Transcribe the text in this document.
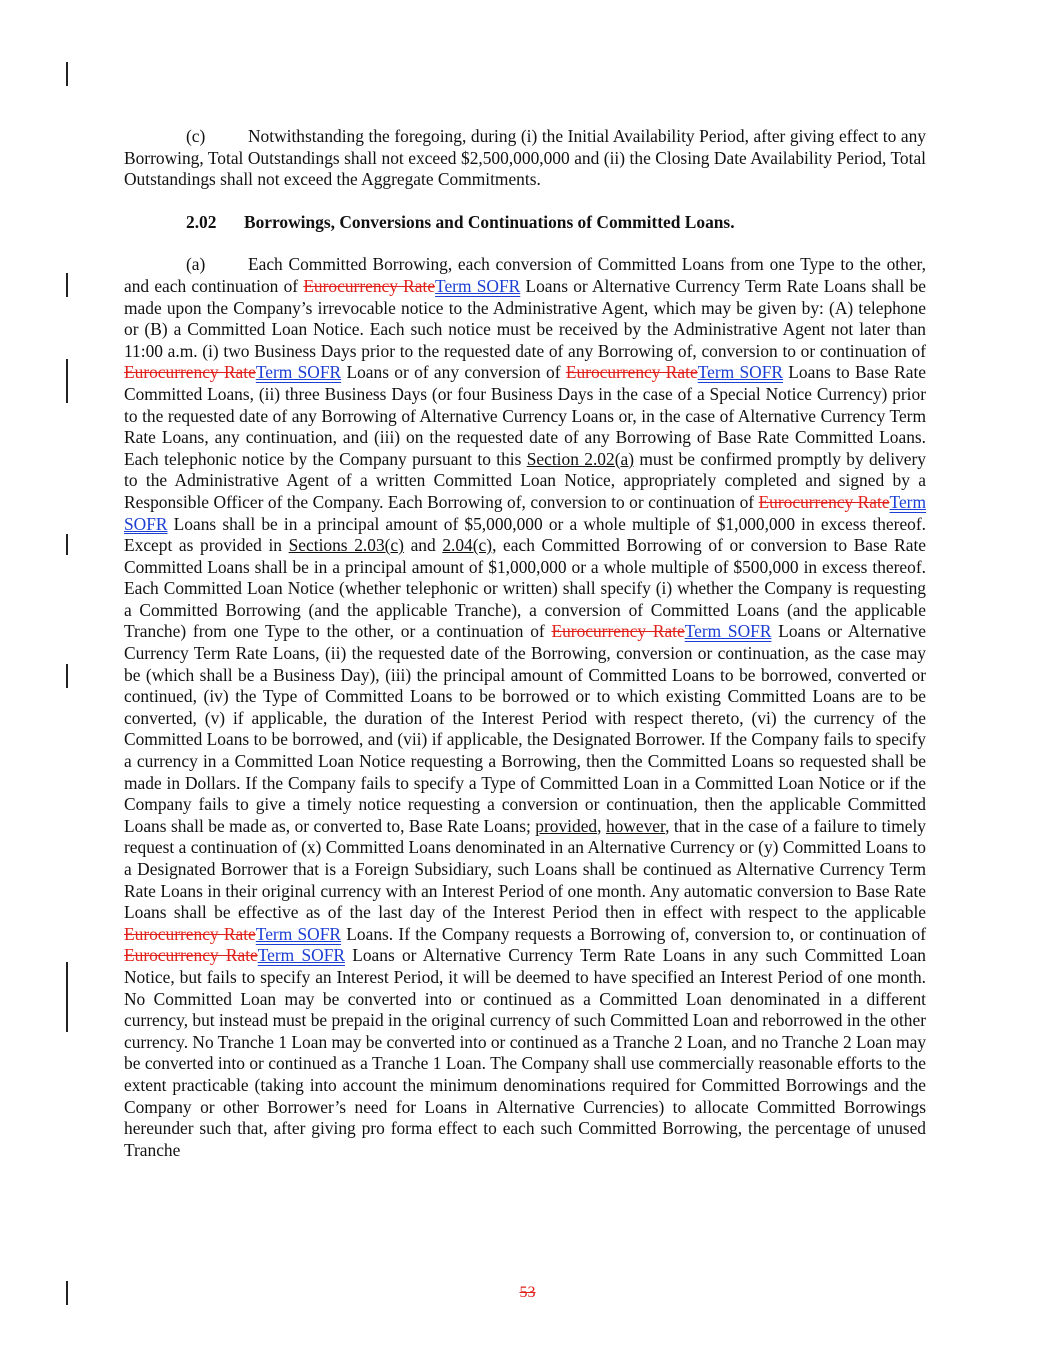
(c) Notwithstanding the foregoing, during (i) the Initial Availability Period, after giving effect to any Borrowing, Total Outstandings shall not exceed $2,500,000,000 and (ii) the Closing Date Availability Period, Total Outstandings shall not exceed the Aggregate Commitments.

2.02 Borrowings, Conversions and Continuations of Committed Loans.

(a) Each Committed Borrowing, each conversion of Committed Loans from one Type to the other, and each continuation of Eurocurrency RateTerm SOFR Loans or Alternative Currency Term Rate Loans shall be made upon the Company’s irrevocable notice to the Administrative Agent, which may be given by: (A) telephone or (B) a Committed Loan Notice. Each such notice must be received by the Administrative Agent not later than 11:00 a.m. (i) two Business Days prior to the requested date of any Borrowing of, conversion to or continuation of Eurocurrency RateTerm SOFR Loans or of any conversion of Eurocurrency RateTerm SOFR Loans to Base Rate Committed Loans, (ii) three Business Days (or four Business Days in the case of a Special Notice Currency) prior to the requested date of any Borrowing of Alternative Currency Loans or, in the case of Alternative Currency Term Rate Loans, any continuation, and (iii) on the requested date of any Borrowing of Base Rate Committed Loans. Each telephonic notice by the Company pursuant to this Section 2.02(a) must be confirmed promptly by delivery to the Administrative Agent of a written Committed Loan Notice, appropriately completed and signed by a Responsible Officer of the Company. Each Borrowing of, conversion to or continuation of Eurocurrency RateTerm SOFR Loans shall be in a principal amount of $5,000,000 or a whole multiple of $1,000,000 in excess thereof. Except as provided in Sections 2.03(c) and 2.04(c), each Committed Borrowing of or conversion to Base Rate Committed Loans shall be in a principal amount of $1,000,000 or a whole multiple of $500,000 in excess thereof. Each Committed Loan Notice (whether telephonic or written) shall specify (i) whether the Company is requesting a Committed Borrowing (and the applicable Tranche), a conversion of Committed Loans (and the applicable Tranche) from one Type to the other, or a continuation of Eurocurrency RateTerm SOFR Loans or Alternative Currency Term Rate Loans, (ii) the requested date of the Borrowing, conversion or continuation, as the case may be (which shall be a Business Day), (iii) the principal amount of Committed Loans to be borrowed, converted or continued, (iv) the Type of Committed Loans to be borrowed or to which existing Committed Loans are to be converted, (v) if applicable, the duration of the Interest Period with respect thereto, (vi) the currency of the Committed Loans to be borrowed, and (vii) if applicable, the Designated Borrower. If the Company fails to specify a currency in a Committed Loan Notice requesting a Borrowing, then the Committed Loans so requested shall be made in Dollars. If the Company fails to specify a Type of Committed Loan in a Committed Loan Notice or if the Company fails to give a timely notice requesting a conversion or continuation, then the applicable Committed Loans shall be made as, or converted to, Base Rate Loans; provided, however, that in the case of a failure to timely request a continuation of (x) Committed Loans denominated in an Alternative Currency or (y) Committed Loans to a Designated Borrower that is a Foreign Subsidiary, such Loans shall be continued as Alternative Currency Term Rate Loans in their original currency with an Interest Period of one month. Any automatic conversion to Base Rate Loans shall be effective as of the last day of the Interest Period then in effect with respect to the applicable Eurocurrency RateTerm SOFR Loans. If the Company requests a Borrowing of, conversion to, or continuation of Eurocurrency RateTerm SOFR Loans or Alternative Currency Term Rate Loans in any such Committed Loan Notice, but fails to specify an Interest Period, it will be deemed to have specified an Interest Period of one month. No Committed Loan may be converted into or continued as a Committed Loan denominated in a different currency, but instead must be prepaid in the original currency of such Committed Loan and reborrowed in the other currency. No Tranche 1 Loan may be converted into or continued as a Tranche 2 Loan, and no Tranche 2 Loan may be converted into or continued as a Tranche 1 Loan. The Company shall use commercially reasonable efforts to the extent practicable (taking into account the minimum denominations required for Committed Borrowings and the Company or other Borrower’s need for Loans in Alternative Currencies) to allocate Committed Borrowings hereunder such that, after giving pro forma effect to each such Committed Borrowing, the percentage of unused Tranche

53
